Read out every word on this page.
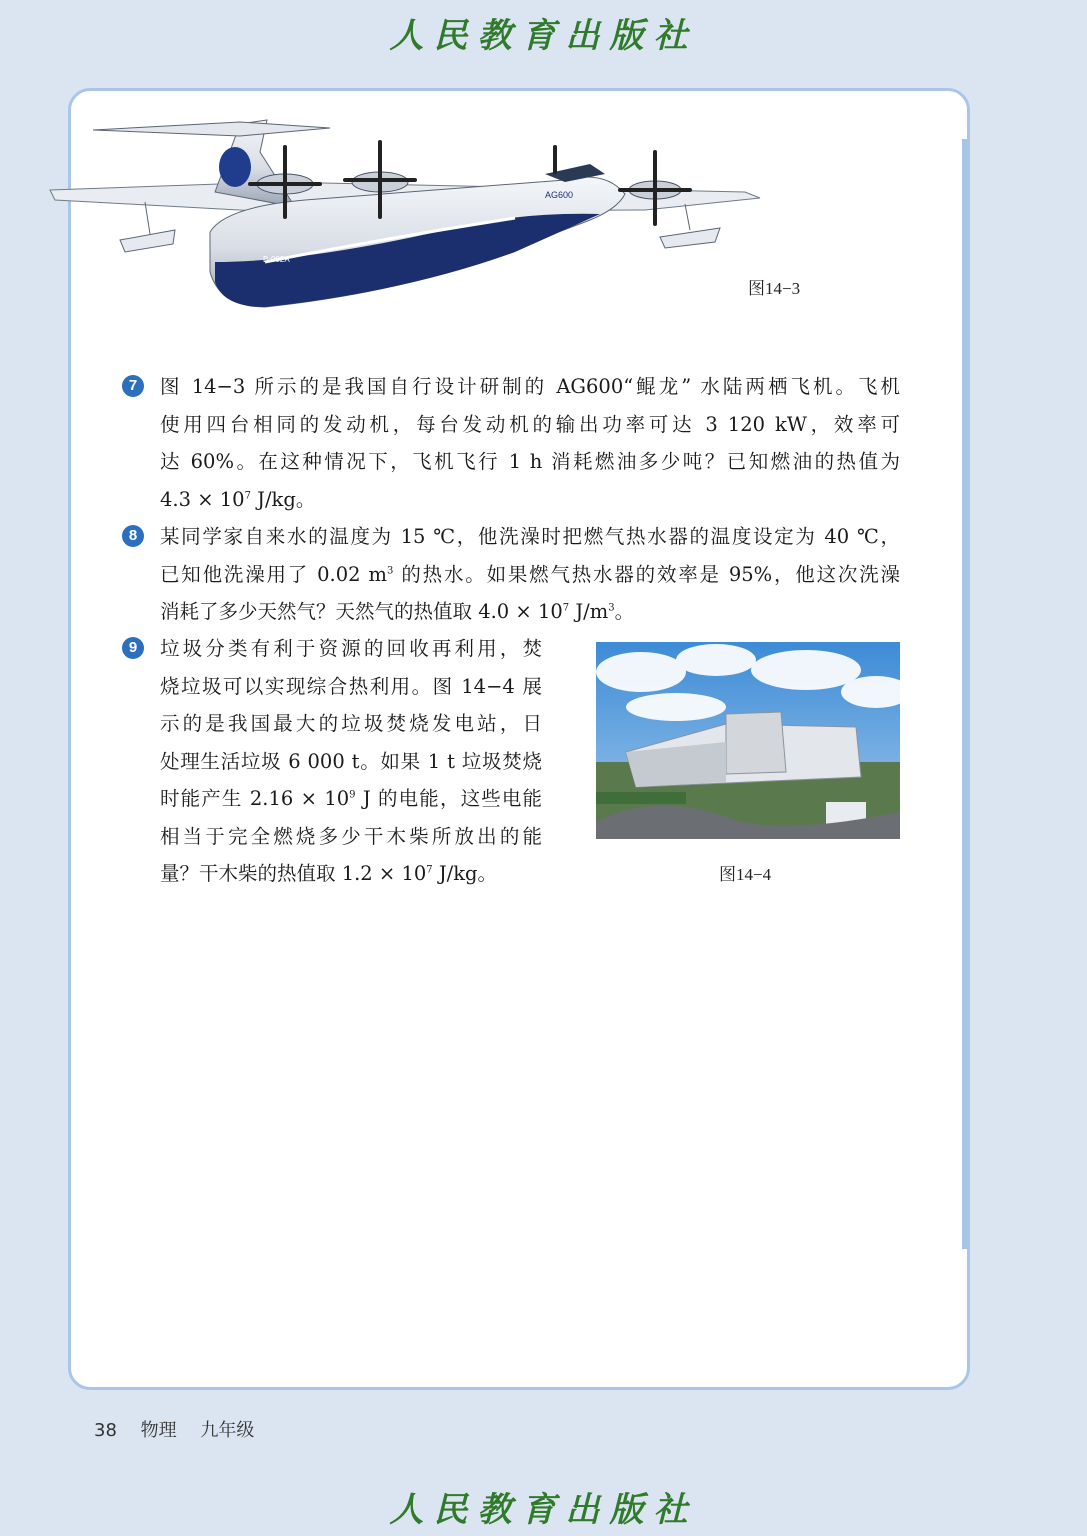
人民教育出版社
AG600
B-002A
图14−3
7	图 14−3 所示的是我国自行设计研制的 AG600“鲲龙” 水陆两栖飞机。飞机
使用四台相同的发动机，每台发动机的输出功率可达 3 120 kW，效率可
达 60%。在这种情况下，飞机飞行 1 h 消耗燃油多少吨？已知燃油的热值为
$4.3 \times 10^7$ J/kg。
8	某同学家自来水的温度为 15 ℃，他洗澡时把燃气热水器的温度设定为 40 ℃，
已知他洗澡用了 0.02 $m^3$ 的热水。如果燃气热水器的效率是 95%，他这次洗澡
消耗了多少天然气？天然气的热值取 $4.0 \times 10^7$ $J/m^3$。
9	垃圾分类有利于资源的回收再利用，焚
烧垃圾可以实现综合热利用。图 14−4 展
示的是我国最大的垃圾焚烧发电站，日
处理生活垃圾 6 000 t。如果 1 t 垃圾焚烧
时能产生 $2.16 \times 10^9$ J 的电能，这些电能
相当于完全燃烧多少干木柴所放出的能
量？干木柴的热值取 $1.2 \times 10^7$ J/kg。	图14−4
38 物理 九年级
人民教育出版社
